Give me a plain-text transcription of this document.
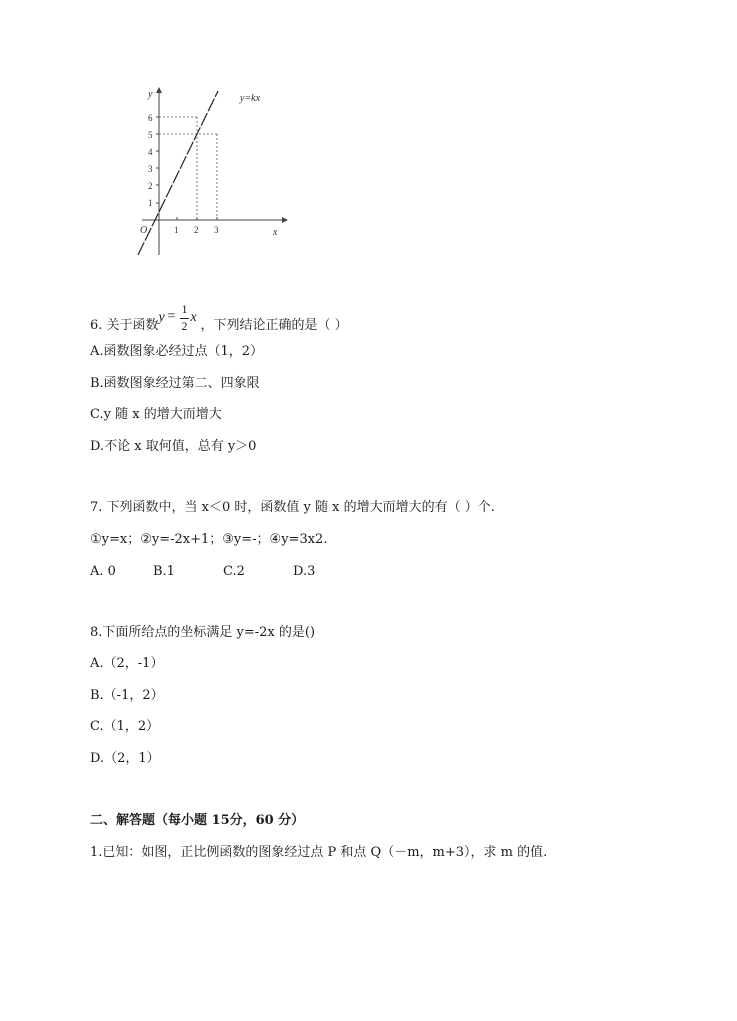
y=kx
y
x
O	1 2 3
1
2
3
4
5
6
6. 关于函数
y = 1
2
x
，下列结论正确的是（ ）
A.函数图象必经过点（1，2）
B.函数图象经过第二、四象限
C.y 随 x 的增大而增大
D.不论 x 取何值，总有 y＞0
7. 下列函数中，当 x＜0 时，函数值 y 随 x 的增大而增大的有（ ）个.
①y=x；②y=-2x+1；③y=-；④y=3x2.
A. 0	B.1	C.2	D.3
8.下面所给点的坐标满足 y=-2x 的是()
A.（2，-1）
B.（-1，2）
C.（1，2）
D.（2，1）
二、解答题（每小题 15分，60 分）
1.已知：如图，正比例函数的图象经过点 P 和点 Q（－m，m+3），求 m 的值.
